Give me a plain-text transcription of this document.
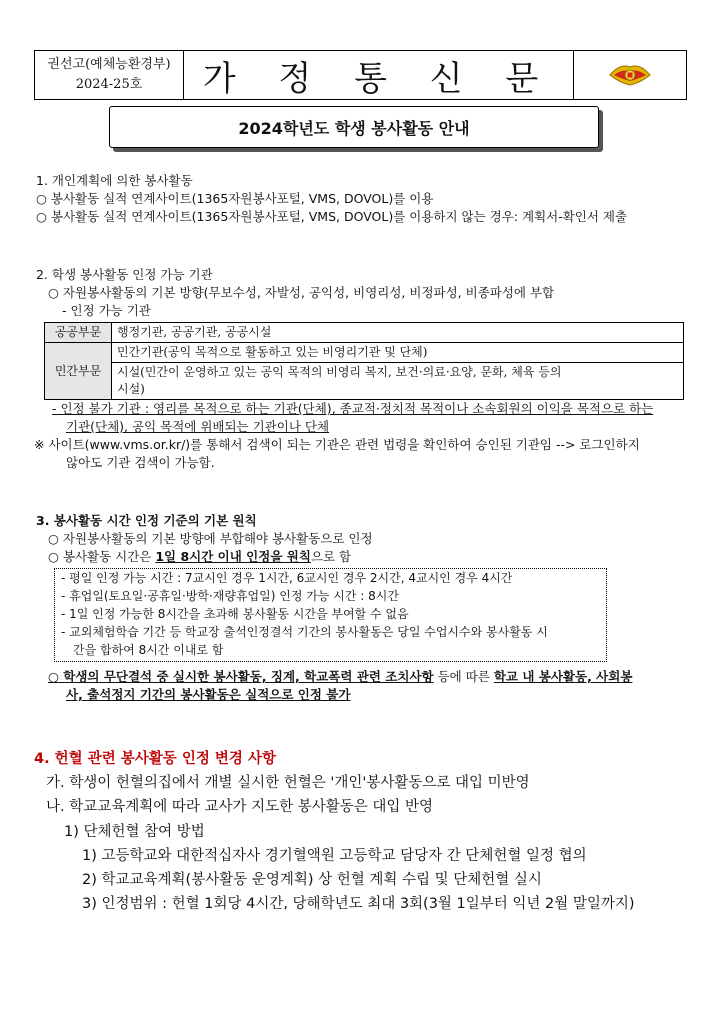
권선고(예체능환경부)
2024-25호	가 정 통 신 문
2024학년도 학생 봉사활동 안내
1. 개인계획에 의한 봉사활동
○ 봉사활동 실적 연계사이트(1365자원봉사포털, VMS, DOVOL)를 이용
○ 봉사활동 실적 연계사이트(1365자원봉사포털, VMS, DOVOL)를 이용하지 않는 경우: 계획서-확인서 제출
2. 학생 봉사활동 인정 가능 기관
○ 자원봉사활동의 기본 방향(무보수성, 자발성, 공익성, 비영리성, 비정파성, 비종파성에 부합
- 인정 가능 기관
공공부문	행정기관, 공공기관, 공공시설
민간부문	민간기관(공익 목적으로 활동하고 있는 비영리기관 및 단체)

	시설(민간이 운영하고 있는 공익 목적의 비영리 복지, 보건·의료·요양, 문화, 체육 등의
시설)
- 인정 불가 기관 : 영리를 목적으로 하는 기관(단체), 종교적·정치적 목적이나 소속회원의 이익을 목적으로 하는
기관(단체), 공익 목적에 위배되는 기관이나 단체
※ 사이트(www.vms.or.kr/)를 통해서 검색이 되는 기관은 관련 법령을 확인하여 승인된 기관임 --> 로그인하지
않아도 기관 검색이 가능함.
3. 봉사활동 시간 인정 기준의 기본 원칙
○ 자원봉사활동의 기본 방향에 부합해야 봉사활동으로 인정
○ 봉사활동 시간은 1일 8시간 이내 인정을 원칙으로 함
- 평일 인정 가능 시간 : 7교시인 경우 1시간, 6교시인 경우 2시간, 4교시인 경우 4시간
- 휴업일(토요일·공휴일·방학·재량휴업일) 인정 가능 시간 : 8시간
- 1일 인정 가능한 8시간을 초과해 봉사활동 시간을 부여할 수 없음
- 교외체험학습 기간 등 학교장 출석인정결석 기간의 봉사활동은 당일 수업시수와 봉사활동 시
간을 합하여 8시간 이내로 함
○ 학생의 무단결석 중 실시한 봉사활동, 징계, 학교폭력 관련 조치사항 등에 따른 학교 내 봉사활동, 사회봉
사, 출석정지 기간의 봉사활동은 실적으로 인정 불가
4. 헌혈 관련 봉사활동 인정 변경 사항
가. 학생이 헌혈의집에서 개별 실시한 헌혈은 '개인'봉사활동으로 대입 미반영
나. 학교교육계획에 따라 교사가 지도한 봉사활동은 대입 반영
1) 단체헌혈 참여 방법
1) 고등학교와 대한적십자사 경기혈액원 고등학교 담당자 간 단체헌혈 일정 협의
2) 학교교육계획(봉사활동 운영계획) 상 헌혈 계획 수립 및 단체헌혈 실시
3) 인정범위 : 헌혈 1회당 4시간, 당해학년도 최대 3회(3월 1일부터 익년 2월 말일까지)
